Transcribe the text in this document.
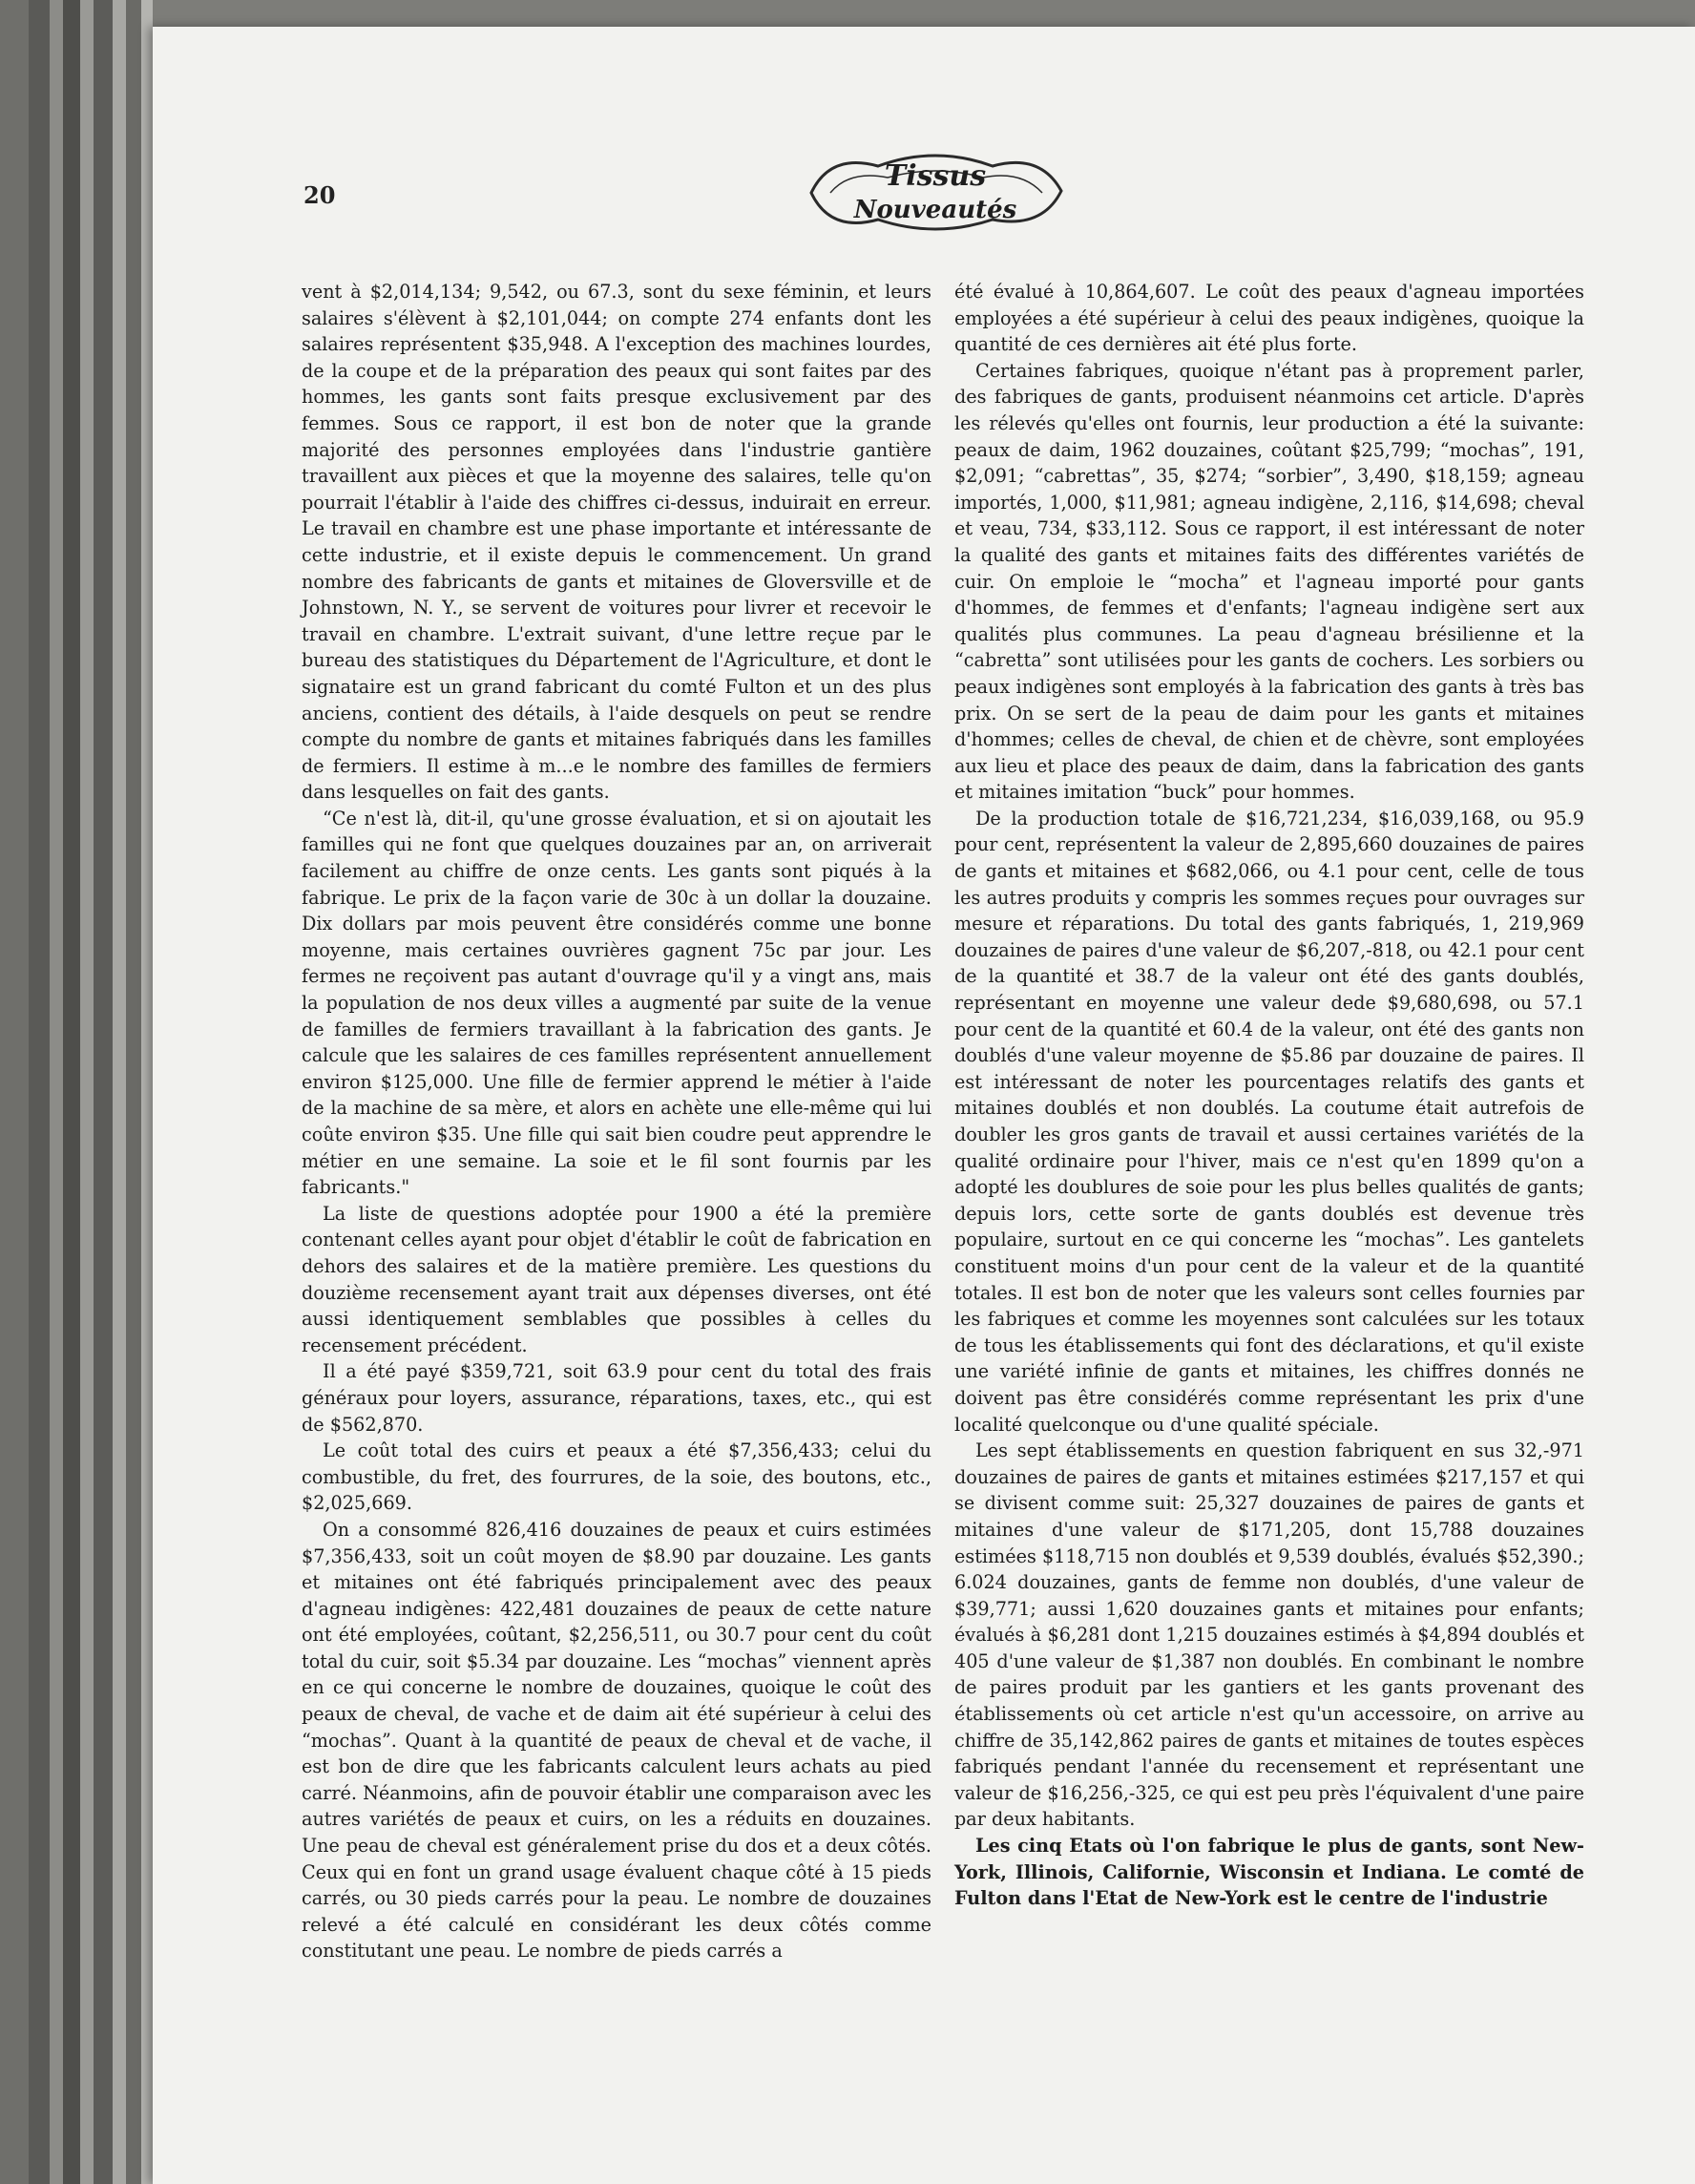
20
Tissus
Nouveautés

vent à $2,014,134; 9,542, ou 67.3, sont du sexe féminin, et leurs salaires s'élèvent à $2,101,044; on compte 274 enfants dont les salaires représentent $35,948. A l'exception des machines lourdes, de la coupe et de la préparation des peaux qui sont faites par des hommes, les gants sont faits presque exclusivement par des femmes. Sous ce rapport, il est bon de noter que la grande majorité des personnes employées dans l'industrie gantière travaillent aux pièces et que la moyenne des salaires, telle qu'on pourrait l'établir à l'aide des chiffres ci-dessus, induirait en erreur. Le travail en chambre est une phase importante et intéressante de cette industrie, et il existe depuis le commencement. Un grand nombre des fabricants de gants et mitaines de Gloversville et de Johnstown, N. Y., se servent de voitures pour livrer et recevoir le travail en chambre. L'extrait suivant, d'une lettre reçue par le bureau des statistiques du Département de l'Agriculture, et dont le signataire est un grand fabricant du comté Fulton et un des plus anciens, contient des détails, à l'aide desquels on peut se rendre compte du nombre de gants et mitaines fabriqués dans les familles de fermiers. Il estime à m...e le nombre des familles de fermiers dans lesquelles on fait des gants.

“Ce n'est là, dit-il, qu'une grosse évaluation, et si on ajoutait les familles qui ne font que quelques douzaines par an, on arriverait facilement au chiffre de onze cents. Les gants sont piqués à la fabrique. Le prix de la façon varie de 30c à un dollar la douzaine. Dix dollars par mois peuvent être considérés comme une bonne moyenne, mais certaines ouvrières gagnent 75c par jour. Les fermes ne reçoivent pas autant d'ouvrage qu'il y a vingt ans, mais la population de nos deux villes a augmenté par suite de la venue de familles de fermiers travaillant à la fabrication des gants. Je calcule que les salaires de ces familles représentent annuellement environ $125,000. Une fille de fermier apprend le métier à l'aide de la machine de sa mère, et alors en achète une elle-même qui lui coûte environ $35. Une fille qui sait bien coudre peut apprendre le métier en une semaine. La soie et le fil sont fournis par les fabricants."

La liste de questions adoptée pour 1900 a été la première contenant celles ayant pour objet d'établir le coût de fabrication en dehors des salaires et de la matière première. Les questions du douzième recensement ayant trait aux dépenses diverses, ont été aussi identiquement semblables que possibles à celles du recensement précédent.

Il a été payé $359,721, soit 63.9 pour cent du total des frais généraux pour loyers, assurance, réparations, taxes, etc., qui est de $562,870.

Le coût total des cuirs et peaux a été $7,356,433; celui du combustible, du fret, des fourrures, de la soie, des boutons, etc., $2,025,669.

On a consommé 826,416 douzaines de peaux et cuirs estimées $7,356,433, soit un coût moyen de $8.90 par douzaine. Les gants et mitaines ont été fabriqués principalement avec des peaux d'agneau indigènes: 422,481 douzaines de peaux de cette nature ont été employées, coûtant, $2,256,511, ou 30.7 pour cent du coût total du cuir, soit $5.34 par douzaine. Les “mochas” viennent après en ce qui concerne le nombre de douzaines, quoique le coût des peaux de cheval, de vache et de daim ait été supérieur à celui des “mochas”. Quant à la quantité de peaux de cheval et de vache, il est bon de dire que les fabricants calculent leurs achats au pied carré. Néanmoins, afin de pouvoir établir une comparaison avec les autres variétés de peaux et cuirs, on les a réduits en douzaines. Une peau de cheval est généralement prise du dos et a deux côtés. Ceux qui en font un grand usage évaluent chaque côté à 15 pieds carrés, ou 30 pieds carrés pour la peau. Le nombre de douzaines relevé a été calculé en considérant les deux côtés comme constitutant une peau. Le nombre de pieds carrés a

été évalué à 10,864,607. Le coût des peaux d'agneau importées employées a été supérieur à celui des peaux indigènes, quoique la quantité de ces dernières ait été plus forte.

Certaines fabriques, quoique n'étant pas à proprement parler, des fabriques de gants, produisent néanmoins cet article. D'après les rélevés qu'elles ont fournis, leur production a été la suivante: peaux de daim, 1962 douzaines, coûtant $25,799; “mochas”, 191, $2,091; “cabrettas”, 35, $274; “sorbier”, 3,490, $18,159; agneau importés, 1,000, $11,981; agneau indigène, 2,116, $14,698; cheval et veau, 734, $33,112. Sous ce rapport, il est intéressant de noter la qualité des gants et mitaines faits des différentes variétés de cuir. On emploie le “mocha” et l'agneau importé pour gants d'hommes, de femmes et d'enfants; l'agneau indigène sert aux qualités plus communes. La peau d'agneau brésilienne et la “cabretta” sont utilisées pour les gants de cochers. Les sorbiers ou peaux indigènes sont employés à la fabrication des gants à très bas prix. On se sert de la peau de daim pour les gants et mitaines d'hommes; celles de cheval, de chien et de chèvre, sont employées aux lieu et place des peaux de daim, dans la fabrication des gants et mitaines imitation “buck” pour hommes.

De la production totale de $16,721,234, $16,039,168, ou 95.9 pour cent, représentent la valeur de 2,895,660 douzaines de paires de gants et mitaines et $682,066, ou 4.1 pour cent, celle de tous les autres produits y compris les sommes reçues pour ouvrages sur mesure et réparations. Du total des gants fabriqués, 1, 219,969 douzaines de paires d'une valeur de $6,207,-818, ou 42.1 pour cent de la quantité et 38.7 de la valeur ont été des gants doublés, représentant en moyenne une valeur dede $9,680,698, ou 57.1 pour cent de la quantité et 60.4 de la valeur, ont été des gants non doublés d'une valeur moyenne de $5.86 par douzaine de paires. Il est intéressant de noter les pourcentages relatifs des gants et mitaines doublés et non doublés. La coutume était autrefois de doubler les gros gants de travail et aussi certaines variétés de la qualité ordinaire pour l'hiver, mais ce n'est qu'en 1899 qu'on a adopté les doublures de soie pour les plus belles qualités de gants; depuis lors, cette sorte de gants doublés est devenue très populaire, surtout en ce qui concerne les “mochas”. Les gantelets constituent moins d'un pour cent de la valeur et de la quantité totales. Il est bon de noter que les valeurs sont celles fournies par les fabriques et comme les moyennes sont calculées sur les totaux de tous les établissements qui font des déclarations, et qu'il existe une variété infinie de gants et mitaines, les chiffres donnés ne doivent pas être considérés comme représentant les prix d'une localité quelconque ou d'une qualité spéciale.

Les sept établissements en question fabriquent en sus 32,-971 douzaines de paires de gants et mitaines estimées $217,157 et qui se divisent comme suit: 25,327 douzaines de paires de gants et mitaines d'une valeur de $171,205, dont 15,788 douzaines estimées $118,715 non doublés et 9,539 doublés, évalués $52,390.; 6.024 douzaines, gants de femme non doublés, d'une valeur de $39,771; aussi 1,620 douzaines gants et mitaines pour enfants; évalués à $6,281 dont 1,215 douzaines estimés à $4,894 doublés et 405 d'une valeur de $1,387 non doublés. En combinant le nombre de paires produit par les gantiers et les gants provenant des établissements où cet article n'est qu'un accessoire, on arrive au chiffre de 35,142,862 paires de gants et mitaines de toutes espèces fabriqués pendant l'année du recensement et représentant une valeur de $16,256,-325, ce qui est peu près l'équivalent d'une paire par deux habitants.

Les cinq Etats où l'on fabrique le plus de gants, sont New-York, Illinois, Californie, Wisconsin et Indiana. Le comté de Fulton dans l'Etat de New-York est le centre de l'industrie
